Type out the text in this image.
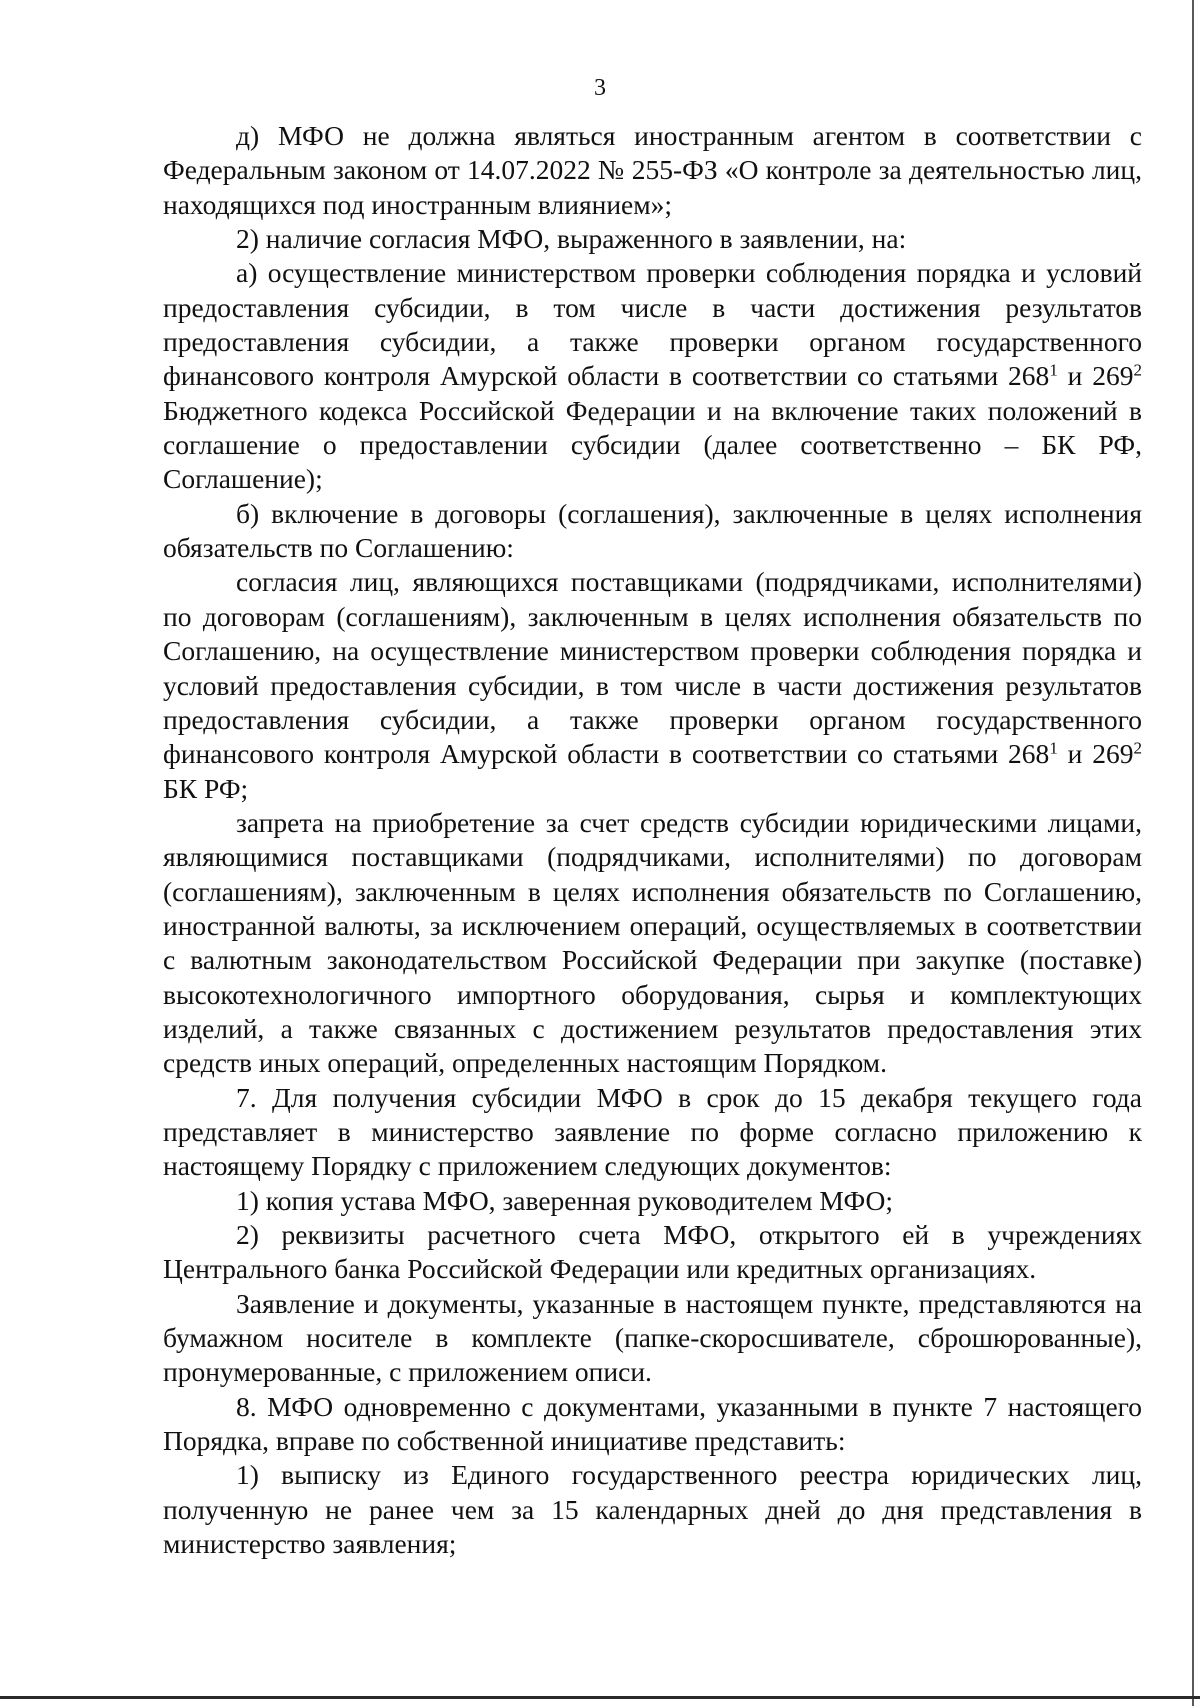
3

д) МФО не должна являться иностранным агентом в соответствии с Федеральным законом от 14.07.2022 № 255-ФЗ «О контроле за деятельностью лиц, находящихся под иностранным влиянием»;

2) наличие согласия МФО, выраженного в заявлении, на:

а) осуществление министерством проверки соблюдения порядка и условий предоставления субсидии, в том числе в части достижения результатов предоставления субсидии, а также проверки органом государственного финансового контроля Амурской области в соответствии со статьями $268^1$ и $269^2$ Бюджетного кодекса Российской Федерации и на включение таких положений в соглашение о предоставлении субсидии (далее соответственно – БК РФ, Соглашение);

б) включение в договоры (соглашения), заключенные в целях исполнения обязательств по Соглашению:

согласия лиц, являющихся поставщиками (подрядчиками, исполнителями) по договорам (соглашениям), заключенным в целях исполнения обязательств по Соглашению, на осуществление министерством проверки соблюдения порядка и условий предоставления субсидии, в том числе в части достижения результатов предоставления субсидии, а также проверки органом государственного финансового контроля Амурской области в соответствии со статьями $268^1$ и $269^2$ БК РФ;

запрета на приобретение за счет средств субсидии юридическими лицами, являющимися поставщиками (подрядчиками, исполнителями) по договорам (соглашениям), заключенным в целях исполнения обязательств по Соглашению, иностранной валюты, за исключением операций, осуществляемых в соответствии с валютным законодательством Российской Федерации при закупке (поставке) высокотехнологичного импортного оборудования, сырья и комплектующих изделий, а также связанных с достижением результатов предоставления этих средств иных операций, определенных настоящим Порядком.

7. Для получения субсидии МФО в срок до 15 декабря текущего года представляет в министерство заявление по форме согласно приложению к настоящему Порядку с приложением следующих документов:

1) копия устава МФО, заверенная руководителем МФО;

2) реквизиты расчетного счета МФО, открытого ей в учреждениях Центрального банка Российской Федерации или кредитных организациях.

Заявление и документы, указанные в настоящем пункте, представляются на бумажном носителе в комплекте (папке-скоросшивателе, сброшюрованные), пронумерованные, с приложением описи.

8. МФО одновременно с документами, указанными в пункте 7 настоящего Порядка, вправе по собственной инициативе представить:

1) выписку из Единого государственного реестра юридических лиц, полученную не ранее чем за 15 календарных дней до дня представления в министерство заявления;
